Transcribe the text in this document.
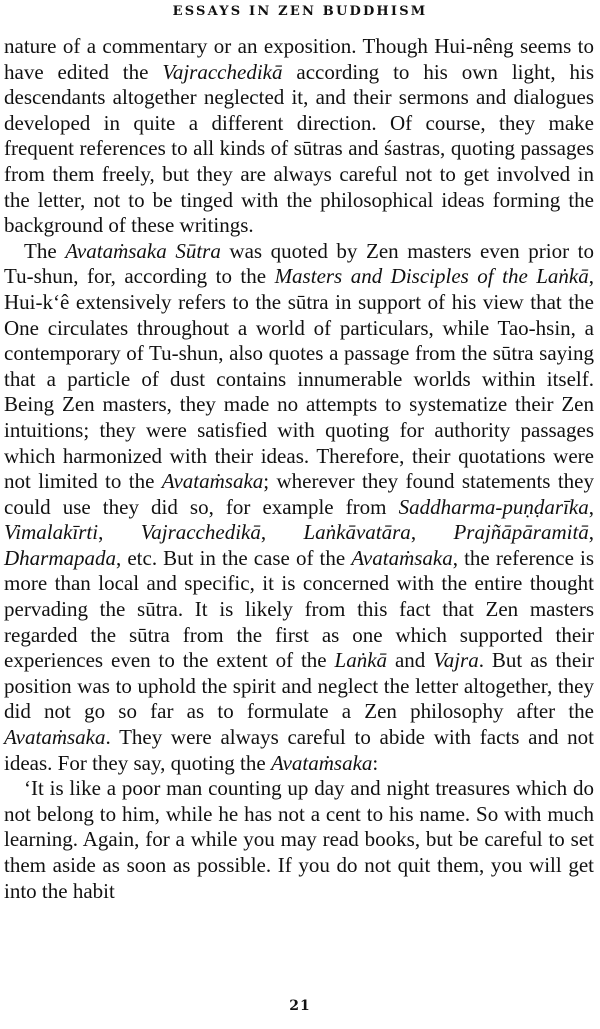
ESSAYS IN ZEN BUDDHISM

nature of a commentary or an exposition. Though Hui-nêng seems to have edited the Vajracchedikā according to his own light, his descendants altogether neglected it, and their sermons and dialogues developed in quite a different direction. Of course, they make frequent references to all kinds of sūtras and śastras, quoting passages from them freely, but they are always careful not to get involved in the letter, not to be tinged with the philosophical ideas forming the background of these writings.

The Avataṁsaka Sūtra was quoted by Zen masters even prior to Tu-shun, for, according to the Masters and Disciples of the Laṅkā, Hui-k‘ê extensively refers to the sūtra in support of his view that the One circulates throughout a world of particulars, while Tao-hsin, a contemporary of Tu-shun, also quotes a passage from the sūtra saying that a particle of dust contains innumerable worlds within itself. Being Zen masters, they made no attempts to systematize their Zen intuitions; they were satisfied with quoting for authority passages which harmonized with their ideas. Therefore, their quotations were not limited to the Avataṁsaka; wherever they found statements they could use they did so, for example from Saddharma-puṇḍarīka, Vimalakīrti, Vajracchedikā, Laṅkāvatāra, Prajñāpāramitā, Dharmapada, etc. But in the case of the Avataṁsaka, the reference is more than local and specific, it is concerned with the entire thought pervading the sūtra. It is likely from this fact that Zen masters regarded the sūtra from the first as one which supported their experiences even to the extent of the Laṅkā and Vajra. But as their position was to uphold the spirit and neglect the letter altogether, they did not go so far as to formulate a Zen philosophy after the Avataṁsaka. They were always careful to abide with facts and not ideas. For they say, quoting the Avataṁsaka:

‘It is like a poor man counting up day and night treasures which do not belong to him, while he has not a cent to his name. So with much learning. Again, for a while you may read books, but be careful to set them aside as soon as possible. If you do not quit them, you will get into the habit

21
